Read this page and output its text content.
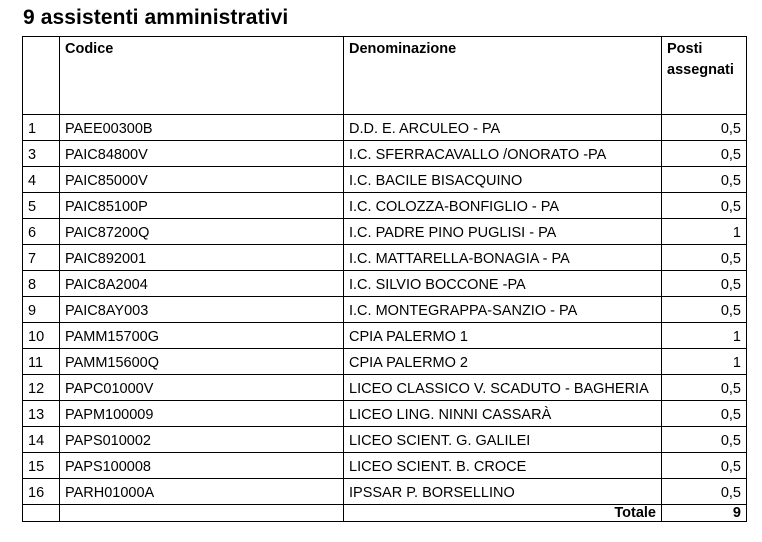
9 assistenti amministrativi
	Codice	Denominazione	Posti assegnati
1	PAEE00300B	D.D. E. ARCULEO - PA	0,5
3	PAIC84800V	I.C. SFERRACAVALLO /ONORATO -PA	0,5
4	PAIC85000V	I.C. BACILE BISACQUINO	0,5
5	PAIC85100P	I.C. COLOZZA-BONFIGLIO - PA	0,5
6	PAIC87200Q	I.C. PADRE PINO PUGLISI - PA	1
7	PAIC892001	I.C. MATTARELLA-BONAGIA - PA	0,5
8	PAIC8A2004	I.C. SILVIO BOCCONE -PA	0,5
9	PAIC8AY003	I.C. MONTEGRAPPA-SANZIO - PA	0,5
10	PAMM15700G	CPIA PALERMO 1	1
11	PAMM15600Q	CPIA PALERMO 2	1
12	PAPC01000V	LICEO CLASSICO V. SCADUTO - BAGHERIA	0,5
13	PAPM100009	LICEO LING. NINNI CASSARÀ	0,5
14	PAPS010002	LICEO SCIENT. G. GALILEI	0,5
15	PAPS100008	LICEO SCIENT. B. CROCE	0,5
16	PARH01000A	IPSSAR P. BORSELLINO	0,5
		Totale	9
